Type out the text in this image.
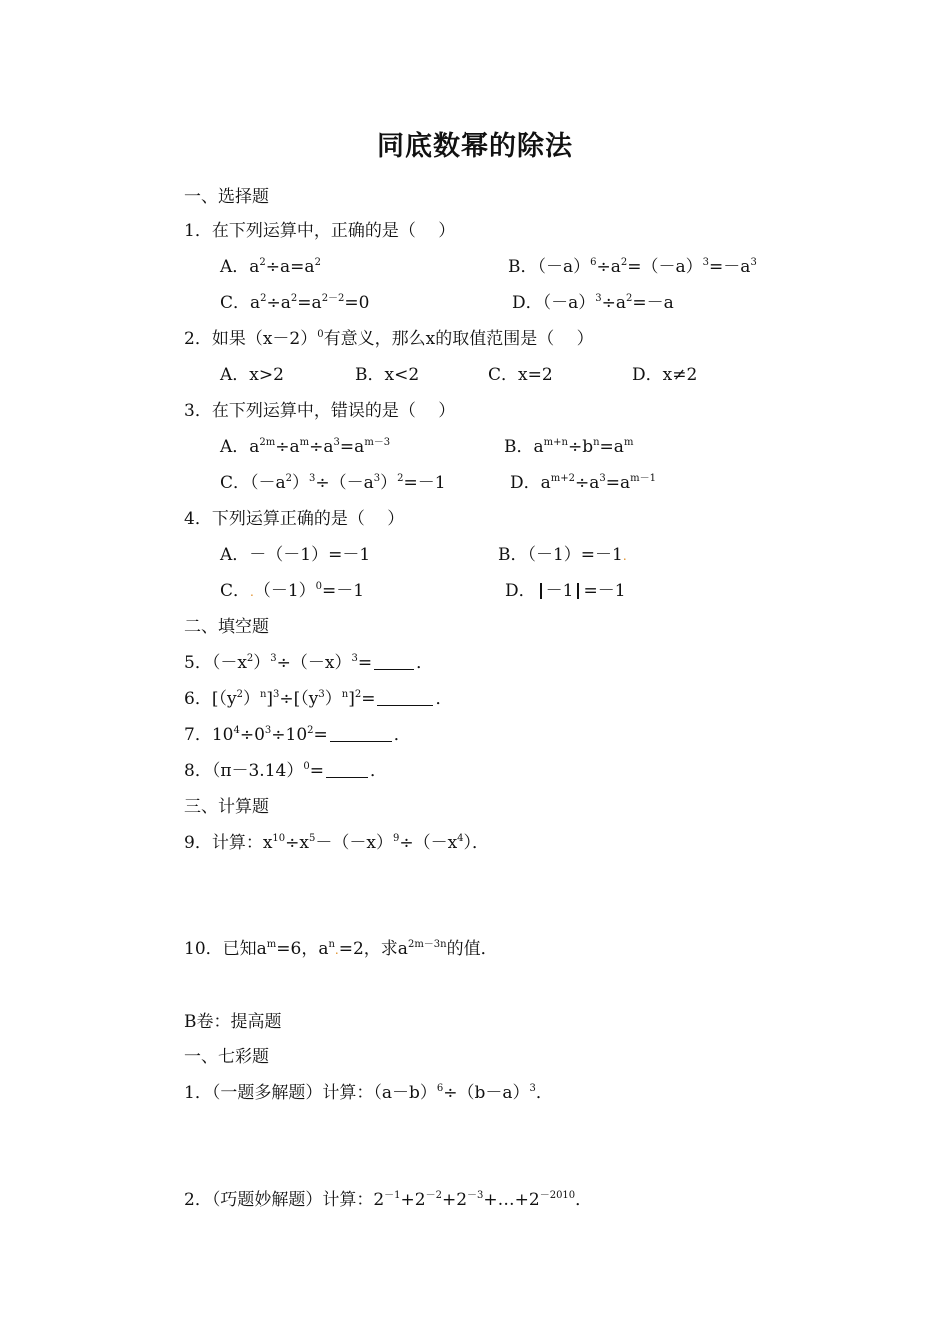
同底数幂的除法
一、选择题
1．在下列运算中，正确的是（　 ）
A．$a^2\div a=a^2$	B．$(-a)^6\div a^2=(-a)^3=-a^3$
C．$a^2\div a^2=a^{2-2}=0$	D．$(-a)^3\div a^2=-a$
2．如果$(x-2)^0$有意义，那么x的取值范围是（　 ）
A．x>2	B．x<2	C．x=2	D．x≠2
3．在下列运算中，错误的是（　 ）
A．$a^{2m}\div a^m\div a^3=a^{m-3}$	B．$a^{m+n}\div b^n=a^m$
C．$(-a^2)^3\div(-a^3)^2=-1$	D．$a^{m+2}\div a^3=a^{m-1}$
4．下列运算正确的是（　 ）
A．－（－1）=－1	B．（－1）=－1.
C．$.(-1)^0=-1$	D． －1 =－1
二、填空题
5．$(-x^2)^3\div(-x)^3=$	．
6．$[(y^2)^n]^3\div[(y^3)^n]^2=$	．
7．$10^4\div 0^3\div 10^2=$	．
8．$(\pi-3.14)^0=$	．
三、计算题
9．计算：$x^{10}\div x^5-(-x)^9\div(-x^4)$．
10．已知$a^m=6$，$a^n.=2$，求$a^{2m-3n}$的值．
B卷：提高题
一、七彩题
1．（一题多解题）计算：$(a-b)^6\div(b-a)^3$．
2．（巧题妙解题）计算：$2^{-1}+2^{-2}+2^{-3}+\dots+2^{-2010}$．
